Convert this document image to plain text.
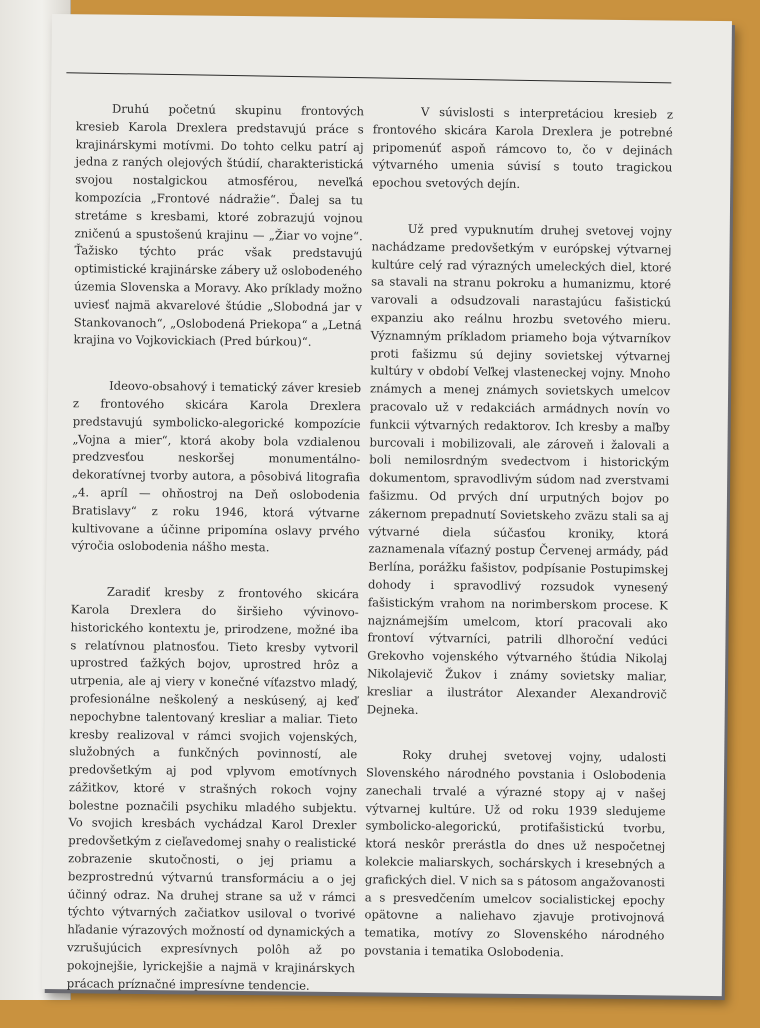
Druhú početnú skupinu frontových kresieb Karola Drexlera predstavujú práce s krajinárskymi motívmi. Do tohto celku patrí aj jedna z raných olejových štúdií, charakteristická svojou nostalgickou atmosférou, neveľká kompozícia „Frontové nádražie“. Ďalej sa tu stretáme s kresbami, ktoré zobrazujú vojnou zničenú a spustošenú krajinu — „Žiar vo vojne“. Ťažisko týchto prác však predstavujú optimistické krajinárske zábery už oslobodeného územia Slovenska a Moravy. Ako príklady možno uviesť najmä akvarelové štúdie „Slobodná jar v Stankovanoch“, „Oslobodená Priekopa“ a „Letná krajina vo Vojkovickiach (Pred búrkou)“.

Ideovo-obsahový i tematický záver kresieb z frontového skicára Karola Drexlera predstavujú symbolicko-alegorické kompozície „Vojna a mier“, ktorá akoby bola vzdialenou predzvesťou neskoršej monumentálno-dekoratívnej tvorby autora, a pôsobivá litografia „4. apríl — ohňostroj na Deň oslobodenia Bratislavy“ z roku 1946, ktorá výtvarne kultivovane a účinne pripomína oslavy prvého výročia oslobodenia nášho mesta.

Zaradiť kresby z frontového skicára Karola Drexlera do širšieho vývinovo-historického kontextu je, prirodzene, možné iba s relatívnou platnosťou. Tieto kresby vytvoril uprostred ťažkých bojov, uprostred hrôz a utrpenia, ale aj viery v konečné víťazstvo mladý, profesionálne neškolený a neskúsený, aj keď nepochybne talentovaný kresliar a maliar. Tieto kresby realizoval v rámci svojich vojenských, služobných a funkčných povinností, ale predovšetkým aj pod vplyvom emotívnych zážitkov, ktoré v strašných rokoch vojny bolestne poznačili psychiku mladého subjektu. Vo svojich kresbách vychádzal Karol Drexler predovšetkým z cieľavedomej snahy o realistické zobrazenie skutočnosti, o jej priamu a bezprostrednú výtvarnú transformáciu a o jej účinný odraz. Na druhej strane sa už v rámci týchto výtvarných začiatkov usiloval o tvorivé hľadanie výrazových možností od dynamických a vzrušujúcich expresívnych polôh až po pokojnejšie, lyrickejšie a najmä v krajinárskych prácach príznačné impresívne tendencie.

V súvislosti s interpretáciou kresieb z frontového skicára Karola Drexlera je potrebné pripomenúť aspoň rámcovo to, čo v dejinách výtvarného umenia súvisí s touto tragickou epochou svetových dejín.

Už pred vypuknutím druhej svetovej vojny nachádzame predovšetkým v európskej výtvarnej kultúre celý rad výrazných umeleckých diel, ktoré sa stavali na stranu pokroku a humanizmu, ktoré varovali a odsudzovali narastajúcu fašistickú expanziu ako reálnu hrozbu svetového mieru. Významným príkladom priameho boja výtvarníkov proti fašizmu sú dejiny sovietskej výtvarnej kultúry v období Veľkej vlasteneckej vojny. Mnoho známych a menej známych sovietskych umelcov pracovalo už v redakciách armádnych novín vo funkcii výtvarných redaktorov. Ich kresby a maľby burcovali i mobilizovali, ale zároveň i žalovali a boli nemilosrdným svedectvom i historickým dokumentom, spravodlivým súdom nad zverstvami fašizmu. Od prvých dní urputných bojov po zákernom prepadnutí Sovietskeho zväzu stali sa aj výtvarné diela súčasťou kroniky, ktorá zaznamenala víťazný postup Červenej armády, pád Berlína, porážku fašistov, podpísanie Postupimskej dohody i spravodlivý rozsudok vynesený fašistickým vrahom na norimberskom procese. K najznámejším umelcom, ktorí pracovali ako frontoví výtvarníci, patrili dlhoroční vedúci Grekovho vojenského výtvarného štúdia Nikolaj Nikolajevič Žukov i známy sovietsky maliar, kresliar a ilustrátor Alexander Alexandrovič Dejneka.

Roky druhej svetovej vojny, udalosti Slovenského národného povstania i Oslobodenia zanechali trvalé a výrazné stopy aj v našej výtvarnej kultúre. Už od roku 1939 sledujeme symbolicko-alegorickú, protifašistickú tvorbu, ktorá neskôr prerástla do dnes už nespočetnej kolekcie maliarskych, sochárskych i kresebných a grafických diel. V nich sa s pátosom angažovanosti a s presvedčením umelcov socialistickej epochy opätovne a naliehavo zjavuje protivojnová tematika, motívy zo Slovenského národného povstania i tematika Oslobodenia.
